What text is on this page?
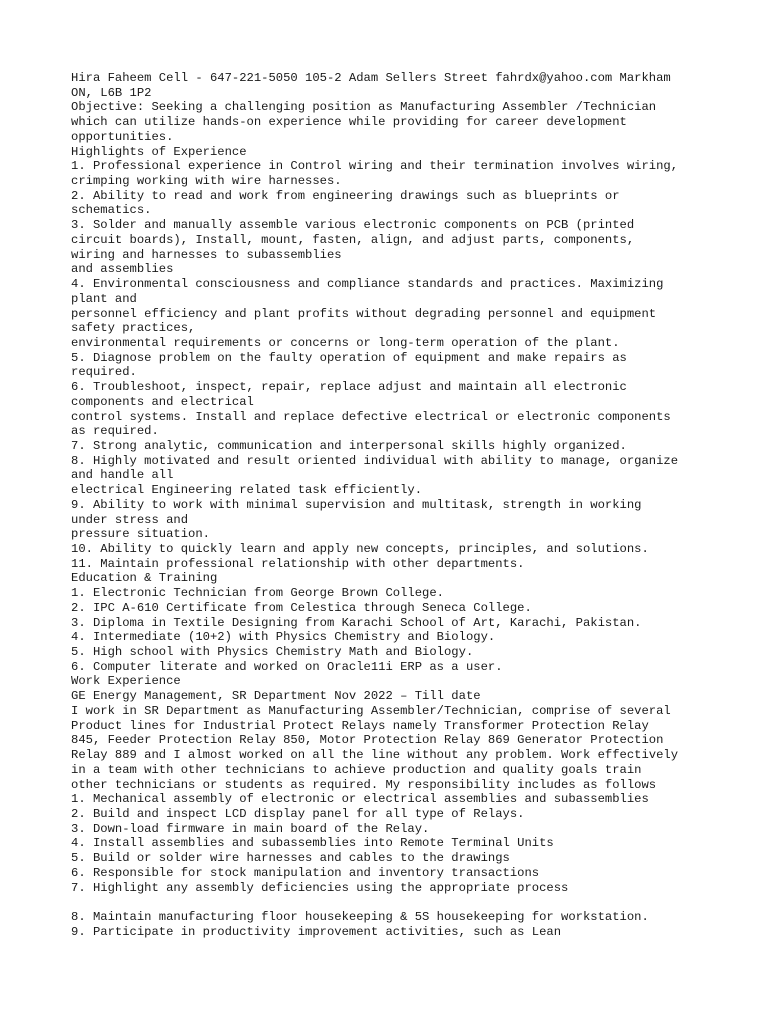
Hira Faheem Cell - 647-221-5050 105-2 Adam Sellers Street fahrdx@yahoo.com Markham
ON, L6B 1P2
Objective: Seeking a challenging position as Manufacturing Assembler /Technician
which can utilize hands-on experience while providing for career development
opportunities.
Highlights of Experience
1. Professional experience in Control wiring and their termination involves wiring,
crimping working with wire harnesses.
2. Ability to read and work from engineering drawings such as blueprints or
schematics.
3. Solder and manually assemble various electronic components on PCB (printed
circuit boards), Install, mount, fasten, align, and adjust parts, components,
wiring and harnesses to subassemblies
and assemblies
4. Environmental consciousness and compliance standards and practices. Maximizing
plant and
personnel efficiency and plant profits without degrading personnel and equipment
safety practices,
environmental requirements or concerns or long-term operation of the plant.
5. Diagnose problem on the faulty operation of equipment and make repairs as
required.
6. Troubleshoot, inspect, repair, replace adjust and maintain all electronic
components and electrical
control systems. Install and replace defective electrical or electronic components
as required.
7. Strong analytic, communication and interpersonal skills highly organized.
8. Highly motivated and result oriented individual with ability to manage, organize
and handle all
electrical Engineering related task efficiently.
9. Ability to work with minimal supervision and multitask, strength in working
under stress and
pressure situation.
10. Ability to quickly learn and apply new concepts, principles, and solutions.
11. Maintain professional relationship with other departments.
Education & Training
1. Electronic Technician from George Brown College.
2. IPC A-610 Certificate from Celestica through Seneca College.
3. Diploma in Textile Designing from Karachi School of Art, Karachi, Pakistan.
4. Intermediate (10+2) with Physics Chemistry and Biology.
5. High school with Physics Chemistry Math and Biology.
6. Computer literate and worked on Oracle11i ERP as a user.
Work Experience
GE Energy Management, SR Department Nov 2022 – Till date
I work in SR Department as Manufacturing Assembler/Technician, comprise of several
Product lines for Industrial Protect Relays namely Transformer Protection Relay
845, Feeder Protection Relay 850, Motor Protection Relay 869 Generator Protection
Relay 889 and I almost worked on all the line without any problem. Work effectively
in a team with other technicians to achieve production and quality goals train
other technicians or students as required. My responsibility includes as follows
1. Mechanical assembly of electronic or electrical assemblies and subassemblies
2. Build and inspect LCD display panel for all type of Relays.
3. Down-load firmware in main board of the Relay.
4. Install assemblies and subassemblies into Remote Terminal Units
5. Build or solder wire harnesses and cables to the drawings
6. Responsible for stock manipulation and inventory transactions
7. Highlight any assembly deficiencies using the appropriate process
8. Maintain manufacturing floor housekeeping & 5S housekeeping for workstation.
9. Participate in productivity improvement activities, such as Lean
